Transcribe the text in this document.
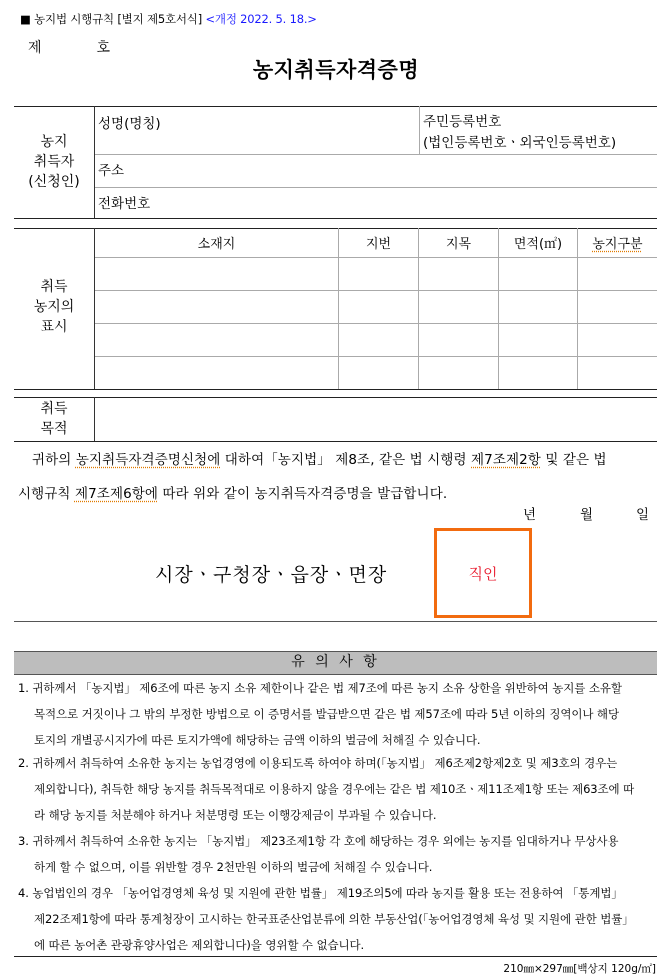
■ 농지법 시행규칙 [별지 제5호서식] <개정 2022. 5. 18.>
제	호
농지취득자격증명
농지
취득자
(신청인)
성명(명칭)	주민등록번호
(법인등록번호ㆍ외국인등록번호)
주소
전화번호
취득
농지의
표시
소재지	지번	지목	면적(㎡)	농지구분
취득
목적
귀하의 농지취득자격증명신청에 대하여「농지법」 제8조, 같은 법 시행령 제7조제2항 및 같은 법
시행규칙 제7조제6항에 따라 위와 같이 농지취득자격증명을 발급합니다.
년	월	일
시장ㆍ구청장ㆍ읍장ㆍ면장	직인
유 의 사 항
1. 귀하께서 「농지법」 제6조에 따른 농지 소유 제한이나 같은 법 제7조에 따른 농지 소유 상한을 위반하여 농지를 소유할
목적으로 거짓이나 그 밖의 부정한 방법으로 이 증명서를 발급받으면 같은 법 제57조에 따라 5년 이하의 징역이나 해당
토지의 개별공시지가에 따른 토지가액에 해당하는 금액 이하의 벌금에 처해질 수 있습니다.
2. 귀하께서 취득하여 소유한 농지는 농업경영에 이용되도록 하여야 하며(「농지법」 제6조제2항제2호 및 제3호의 경우는
제외합니다), 취득한 해당 농지를 취득목적대로 이용하지 않을 경우에는 같은 법 제10조ㆍ제11조제1항 또는 제63조에 따
라 해당 농지를 처분해야 하거나 처분명령 또는 이행강제금이 부과될 수 있습니다.
3. 귀하께서 취득하여 소유한 농지는 「농지법」 제23조제1항 각 호에 해당하는 경우 외에는 농지를 임대하거나 무상사용
하게 할 수 없으며, 이를 위반할 경우 2천만원 이하의 벌금에 처해질 수 있습니다.
4. 농업법인의 경우 「농어업경영체 육성 및 지원에 관한 법률」 제19조의5에 따라 농지를 활용 또는 전용하여 「통계법」
제22조제1항에 따라 통계청장이 고시하는 한국표준산업분류에 의한 부동산업(「농어업경영체 육성 및 지원에 관한 법률」
에 따른 농어촌 관광휴양사업은 제외합니다)을 영위할 수 없습니다.
210㎜×297㎜[백상지 120g/㎡]
